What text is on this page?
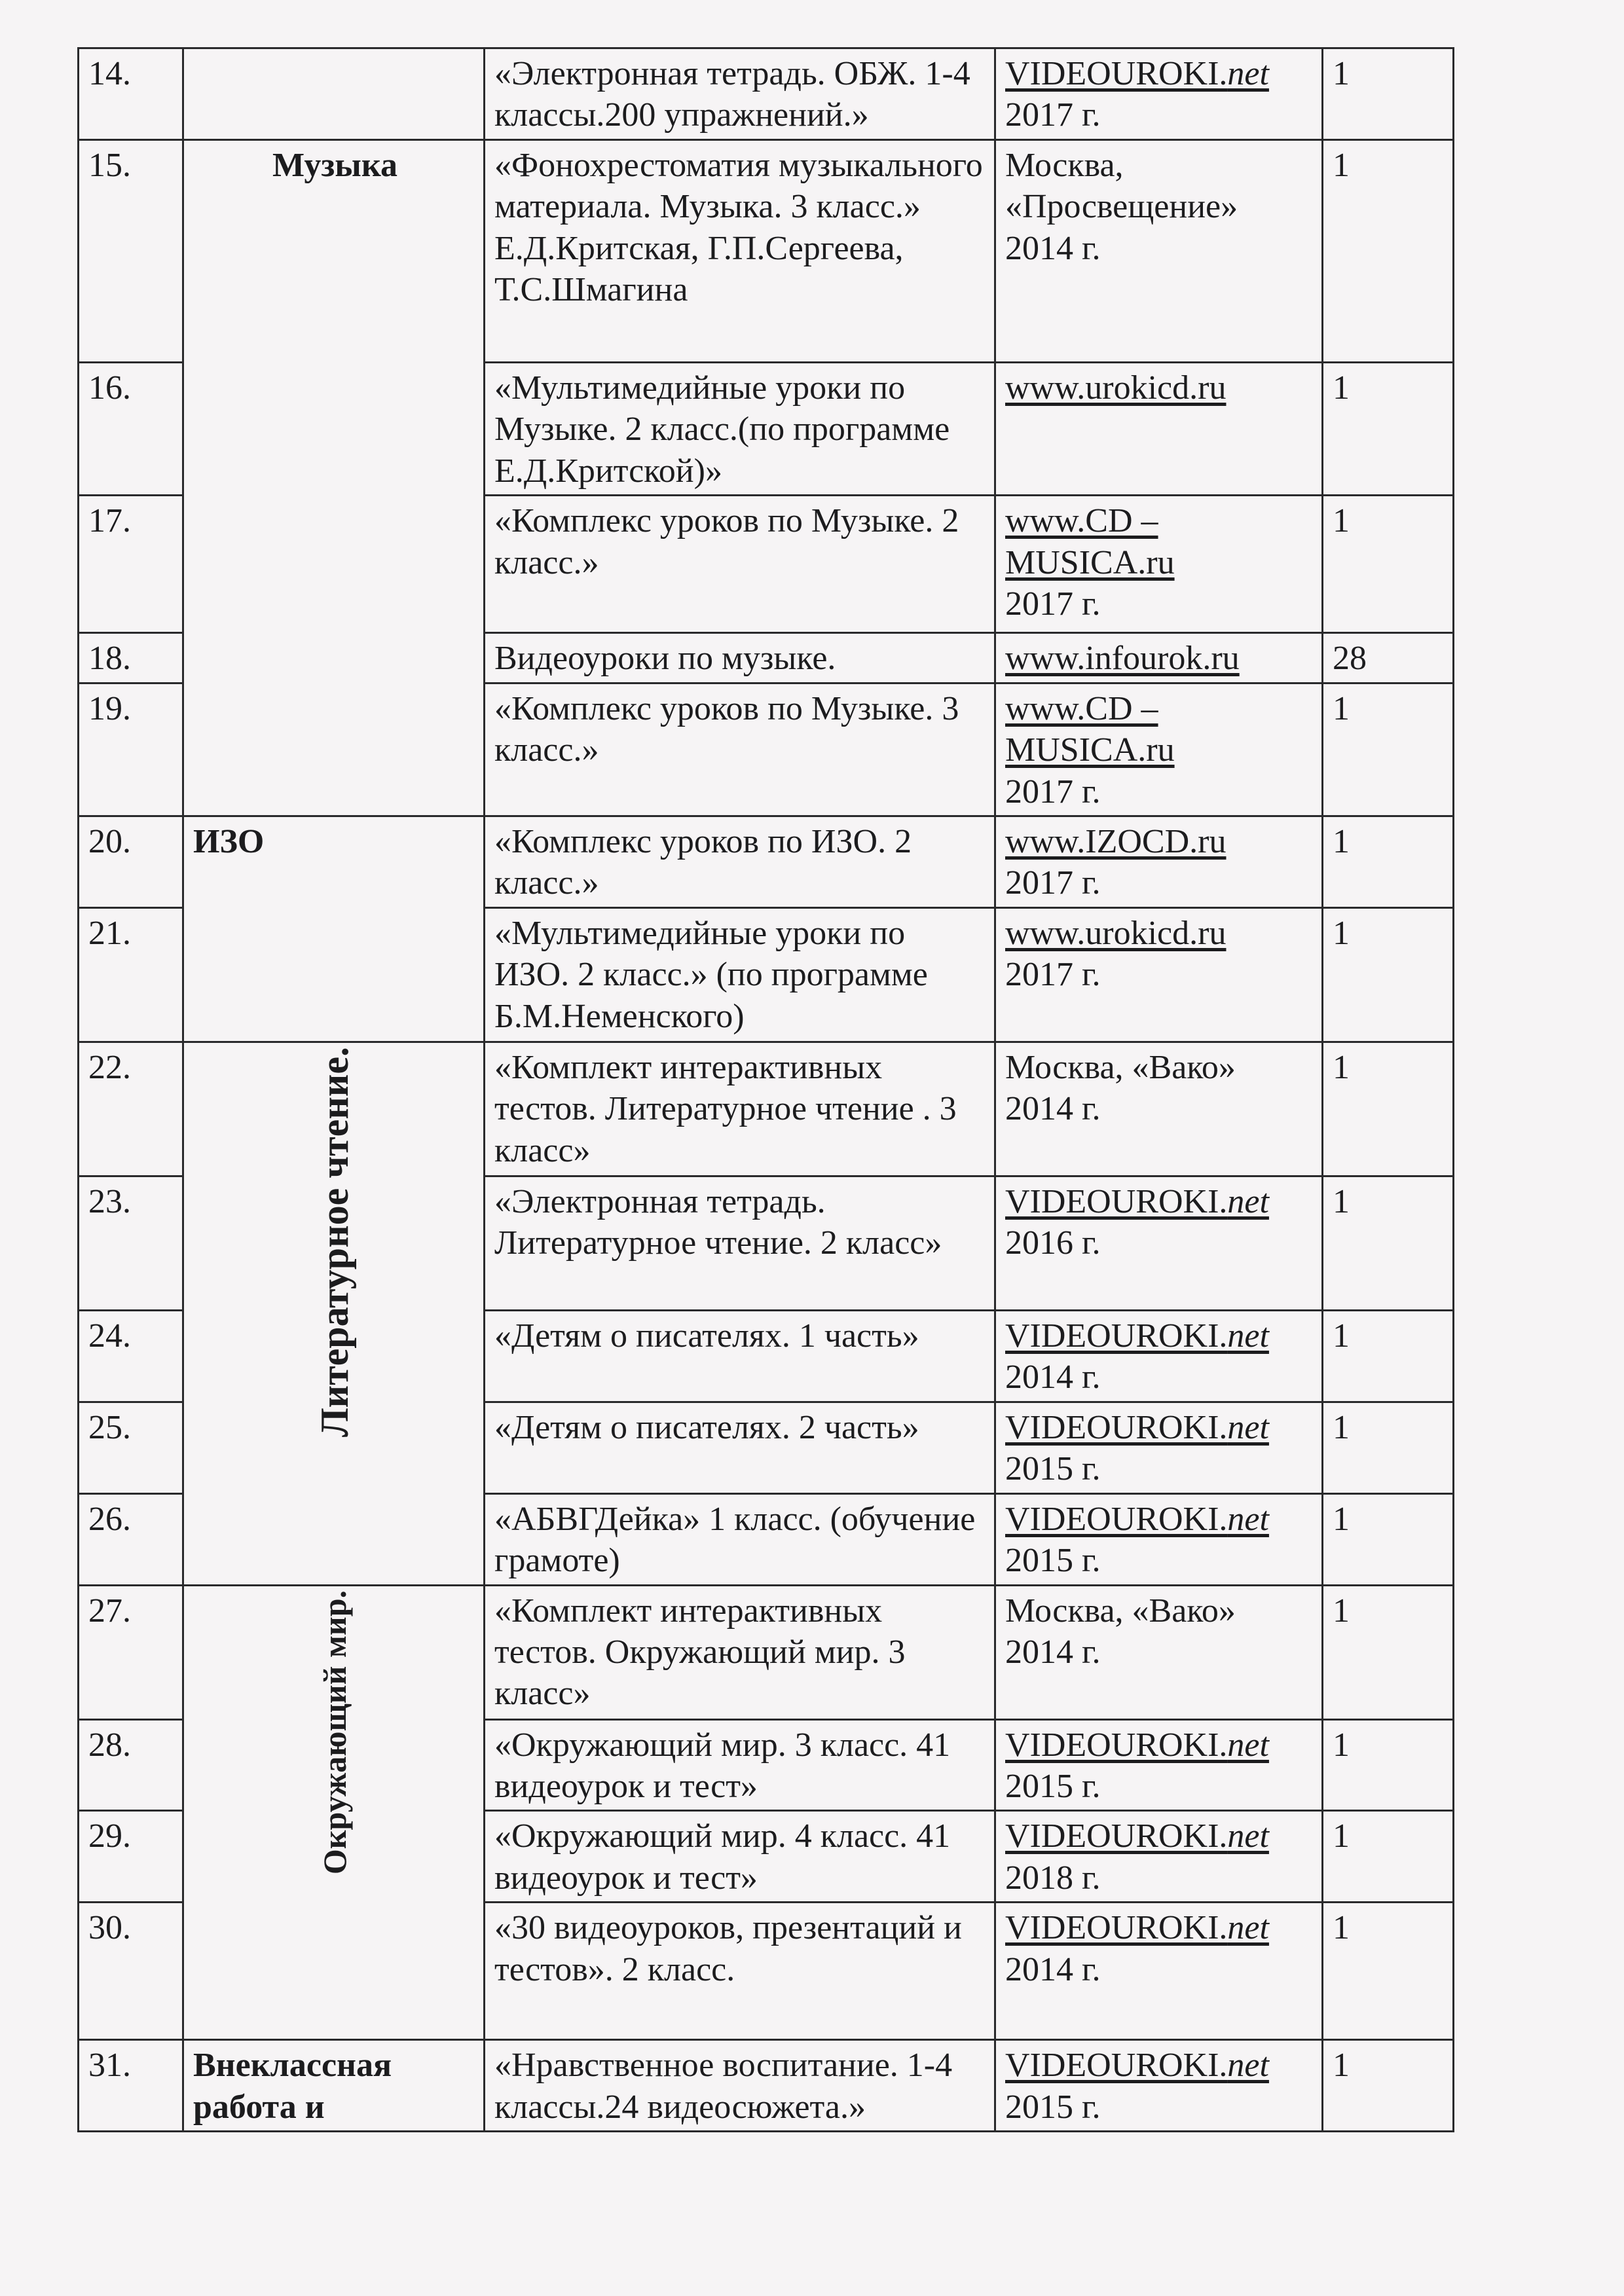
14.		«Электронная тетрадь. ОБЖ. 1-4 классы.200 упражнений.»	VIDEOUROKI.net
2017 г.	1
15.	Музыка	«Фонохрестоматия музыкального материала. Музыка. 3 класс.» Е.Д.Критская, Г.П.Сергеева, Т.С.Шмагина	Москва,
«Просвещение»
2014 г.	1
16.		«Мультимедийные уроки по Музыке. 2 класс.(по программе Е.Д.Критской)»	www.urokicd.ru	1
17.		«Комплекс уроков по Музыке. 2 класс.»	www.CD –
MUSICA.ru
2017 г.	1
18.		Видеоуроки по музыке.	www.infourok.ru	28
19.		«Комплекс уроков по Музыке. 3 класс.»	www.CD –
MUSICA.ru
2017 г.	1
20.	ИЗО	«Комплекс уроков по ИЗО. 2 класс.»	www.IZOCD.ru
2017 г.	1
21.		«Мультимедийные уроки по ИЗО. 2 класс.» (по программе Б.М.Неменского)	www.urokicd.ru
2017 г.	1
22.	Литературное чтение.	«Комплект интерактивных тестов. Литературное чтение . 3 класс»	Москва, «Вако»
2014 г.	1
23.		«Электронная тетрадь. Литературное чтение. 2 класс»	VIDEOUROKI.net
2016 г.	1
24.		«Детям о писателях. 1 часть»	VIDEOUROKI.net
2014 г.	1
25.		«Детям о писателях. 2 часть»	VIDEOUROKI.net
2015 г.	1
26.		«АБВГДейка» 1 класс. (обучение грамоте)	VIDEOUROKI.net
2015 г.	1
27.	Окружающий мир.	«Комплект интерактивных тестов. Окружающий мир. 3 класс»	Москва, «Вако»
2014 г.	1
28.		«Окружающий мир. 3 класс. 41 видеоурок и тест»	VIDEOUROKI.net
2015 г.	1
29.		«Окружающий мир. 4 класс. 41 видеоурок и тест»	VIDEOUROKI.net
2018 г.	1
30.		«30 видеоуроков, презентаций и тестов». 2 класс.	VIDEOUROKI.net
2014 г.	1
31.	Внеклассная работа и	«Нравственное воспитание. 1-4 классы.24 видеосюжета.»	VIDEOUROKI.net
2015 г.	1
